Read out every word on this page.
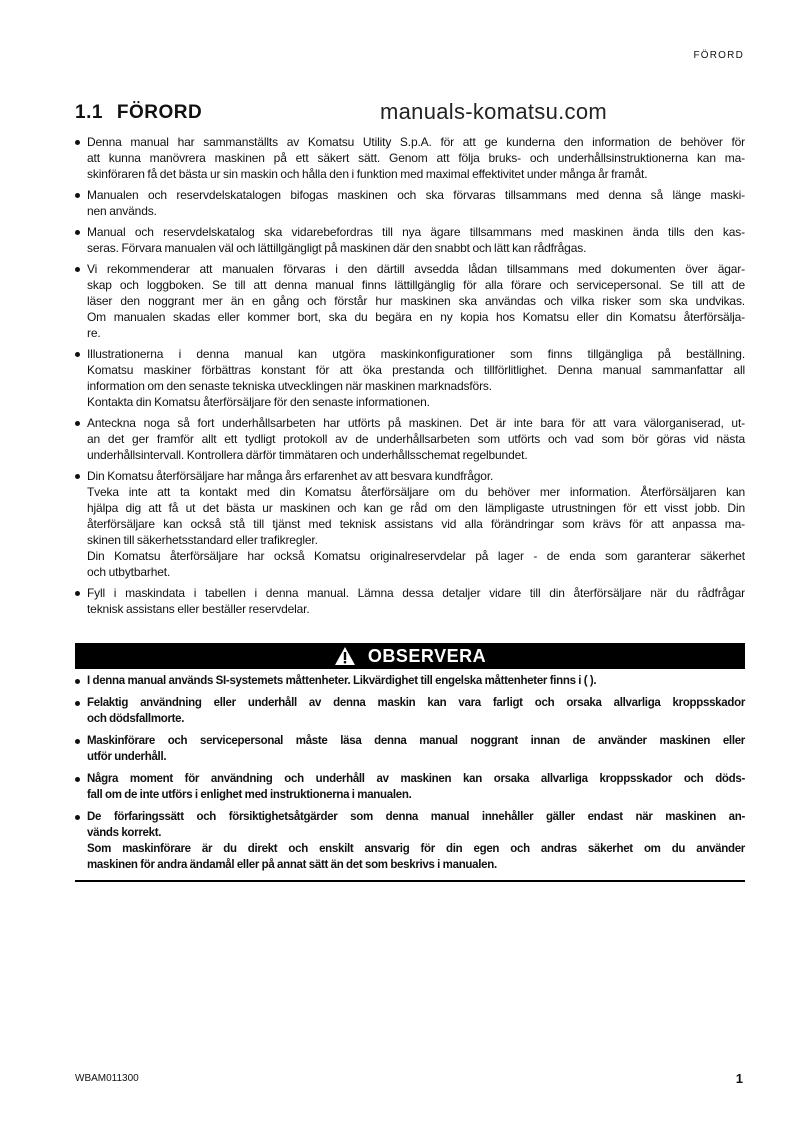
FÖRORD
1.1 FÖRORD	manuals-komatsu.com
Denna manual har sammanställts av Komatsu Utility S.p.A. för att ge kunderna den information de behöver för
att kunna manövrera maskinen på ett säkert sätt. Genom att följa bruks- och underhållsinstruktionerna kan ma-
skinföraren få det bästa ur sin maskin och hålla den i funktion med maximal effektivitet under många år framåt.
Manualen och reservdelskatalogen bifogas maskinen och ska förvaras tillsammans med denna så länge maski-
nen används.
Manual och reservdelskatalog ska vidarebefordras till nya ägare tillsammans med maskinen ända tills den kas-
seras. Förvara manualen väl och lättillgängligt på maskinen där den snabbt och lätt kan rådfrågas.
Vi rekommenderar att manualen förvaras i den därtill avsedda lådan tillsammans med dokumenten över ägar-
skap och loggboken. Se till att denna manual finns lättillgänglig för alla förare och servicepersonal. Se till att de
läser den noggrant mer än en gång och förstår hur maskinen ska användas och vilka risker som ska undvikas.
Om manualen skadas eller kommer bort, ska du begära en ny kopia hos Komatsu eller din Komatsu återförsälja-
re.
Illustrationerna i denna manual kan utgöra maskinkonfigurationer som finns tillgängliga på beställning.
Komatsu maskiner förbättras konstant för att öka prestanda och tillförlitlighet. Denna manual sammanfattar all
information om den senaste tekniska utvecklingen när maskinen marknadsförs.
Kontakta din Komatsu återförsäljare för den senaste informationen.
Anteckna noga så fort underhållsarbeten har utförts på maskinen. Det är inte bara för att vara välorganiserad, ut-
an det ger framför allt ett tydligt protokoll av de underhållsarbeten som utförts och vad som bör göras vid nästa
underhållsintervall. Kontrollera därför timmätaren och underhållsschemat regelbundet.
Din Komatsu återförsäljare har många års erfarenhet av att besvara kundfrågor.
Tveka inte att ta kontakt med din Komatsu återförsäljare om du behöver mer information. Återförsäljaren kan
hjälpa dig att få ut det bästa ur maskinen och kan ge råd om den lämpligaste utrustningen för ett visst jobb. Din
återförsäljare kan också stå till tjänst med teknisk assistans vid alla förändringar som krävs för att anpassa ma-
skinen till säkerhetsstandard eller trafikregler.
Din Komatsu återförsäljare har också Komatsu originalreservdelar på lager - de enda som garanterar säkerhet
och utbytbarhet.
Fyll i maskindata i tabellen i denna manual. Lämna dessa detaljer vidare till din återförsäljare när du rådfrågar
teknisk assistans eller beställer reservdelar.
OBSERVERA
I denna manual används SI-systemets måttenheter. Likvärdighet till engelska måttenheter finns i ( ).
Felaktig användning eller underhåll av denna maskin kan vara farligt och orsaka allvarliga kroppsskador
och dödsfallmorte.
Maskinförare och servicepersonal måste läsa denna manual noggrant innan de använder maskinen eller
utför underhåll.
Några moment för användning och underhåll av maskinen kan orsaka allvarliga kroppsskador och döds-
fall om de inte utförs i enlighet med instruktionerna i manualen.
De förfaringssätt och försiktighetsåtgärder som denna manual innehåller gäller endast när maskinen an-
vänds korrekt.
Som maskinförare är du direkt och enskilt ansvarig för din egen och andras säkerhet om du använder
maskinen för andra ändamål eller på annat sätt än det som beskrivs i manualen.
WBAM011300	1
